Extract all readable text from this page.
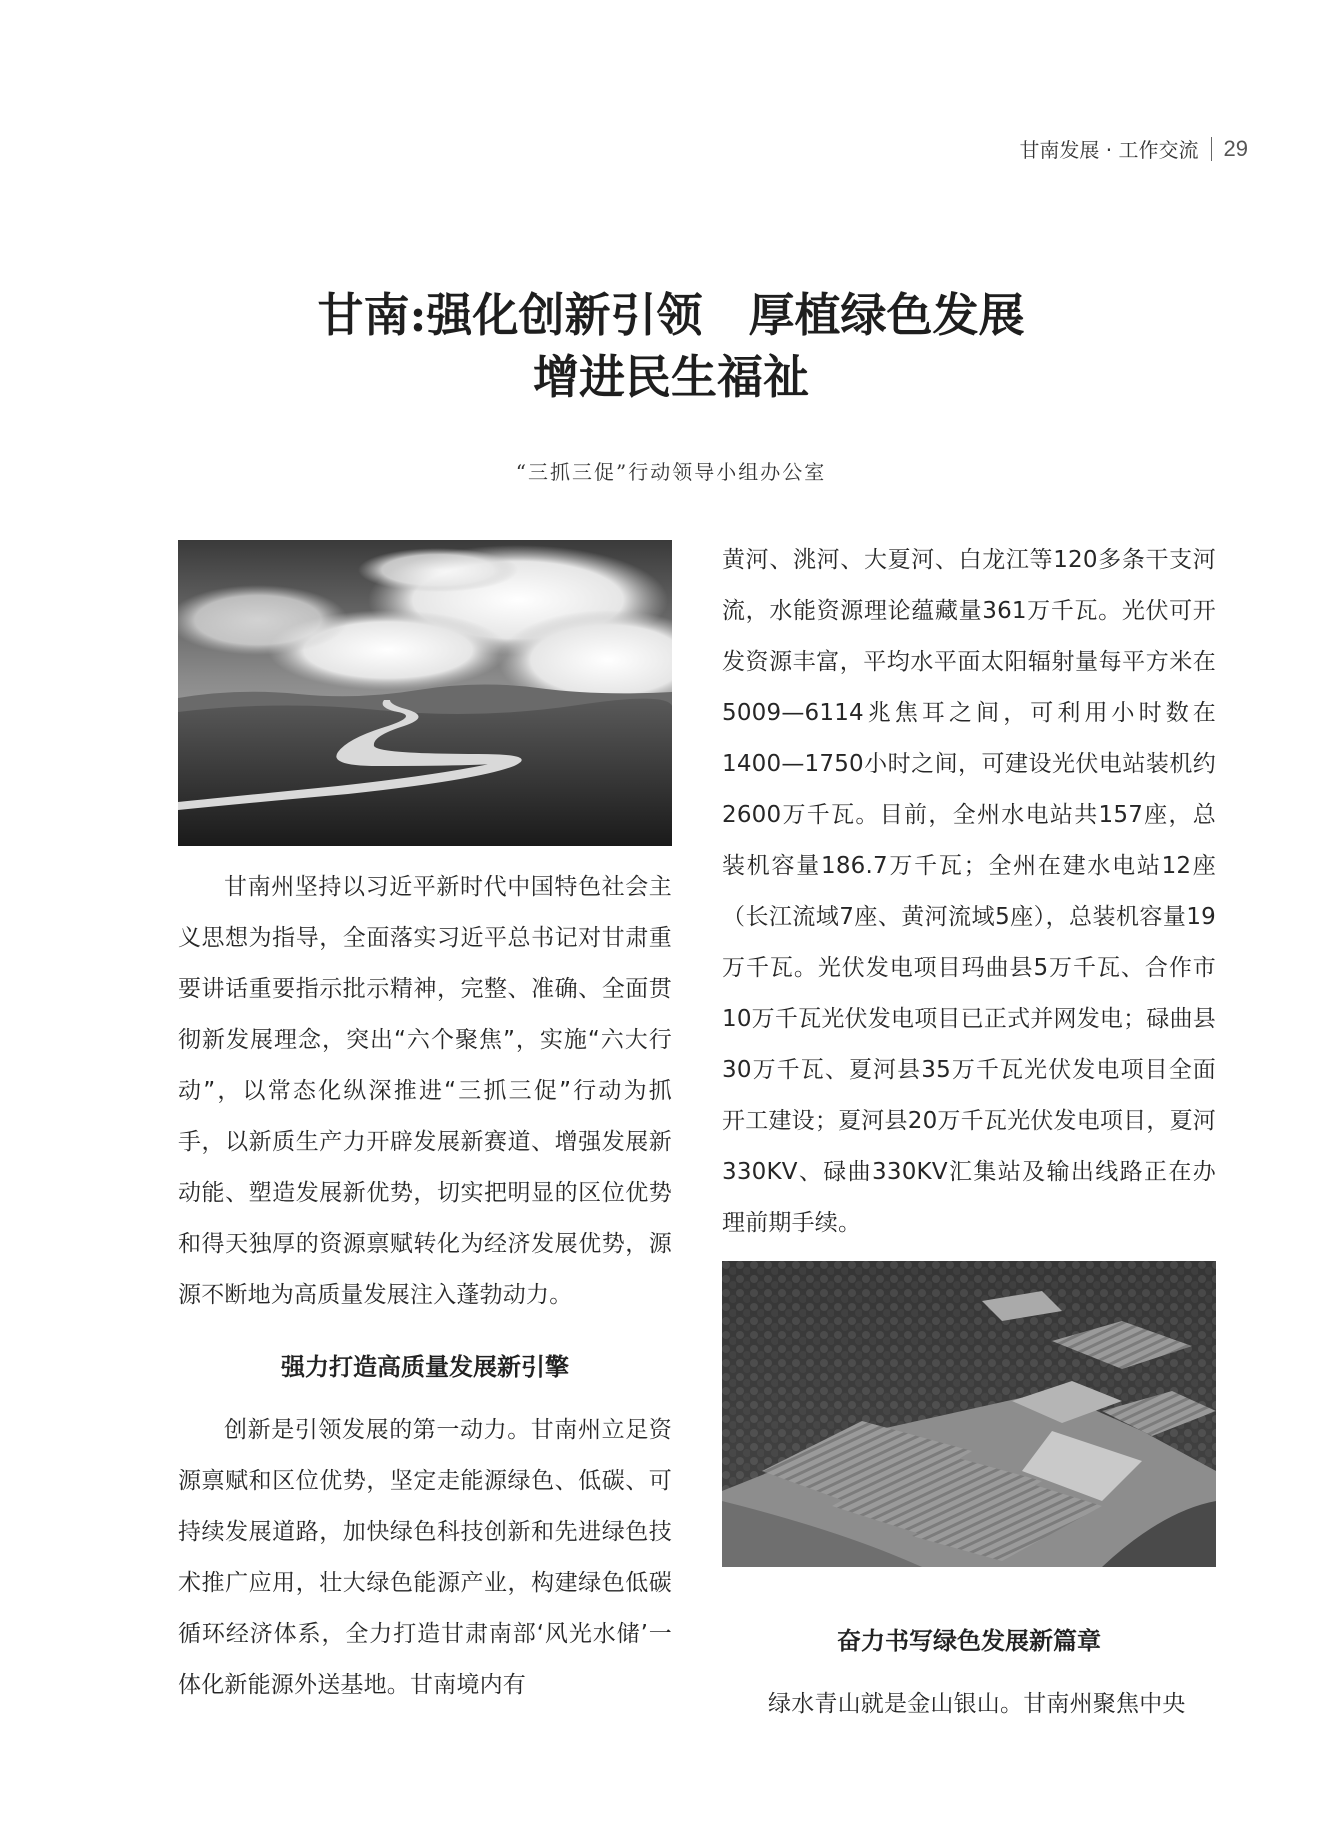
甘南发展 · 工作交流 29
甘南:强化创新引领　厚植绿色发展
增进民生福祉
“三抓三促”行动领导小组办公室

甘南州坚持以习近平新时代中国特色社会主义思想为指导，全面落实习近平总书记对甘肃重要讲话重要指示批示精神，完整、准确、全面贯彻新发展理念，突出“六个聚焦”，实施“六大行动”，以常态化纵深推进“三抓三促”行动为抓手，以新质生产力开辟发展新赛道、增强发展新动能、塑造发展新优势，切实把明显的区位优势和得天独厚的资源禀赋转化为经济发展优势，源源不断地为高质量发展注入蓬勃动力。

强力打造高质量发展新引擎

创新是引领发展的第一动力。甘南州立足资源禀赋和区位优势，坚定走能源绿色、低碳、可持续发展道路，加快绿色科技创新和先进绿色技术推广应用，壮大绿色能源产业，构建绿色低碳循环经济体系，全力打造甘肃南部‘风光水储’一体化新能源外送基地。甘南境内有

黄河、洮河、大夏河、白龙江等120多条干支河流，水能资源理论蕴藏量361万千瓦。光伏可开发资源丰富，平均水平面太阳辐射量每平方米在5009—6114兆焦耳之间，可利用小时数在1400—1750小时之间，可建设光伏电站装机约2600万千瓦。目前，全州水电站共157座，总装机容量186.7万千瓦；全州在建水电站12座（长江流域7座、黄河流域5座），总装机容量19万千瓦。光伏发电项目玛曲县5万千瓦、合作市10万千瓦光伏发电项目已正式并网发电；碌曲县30万千瓦、夏河县35万千瓦光伏发电项目全面开工建设；夏河县20万千瓦光伏发电项目，夏河330KV、碌曲330KV汇集站及输出线路正在办理前期手续。

奋力书写绿色发展新篇章

绿水青山就是金山银山。甘南州聚焦中央
